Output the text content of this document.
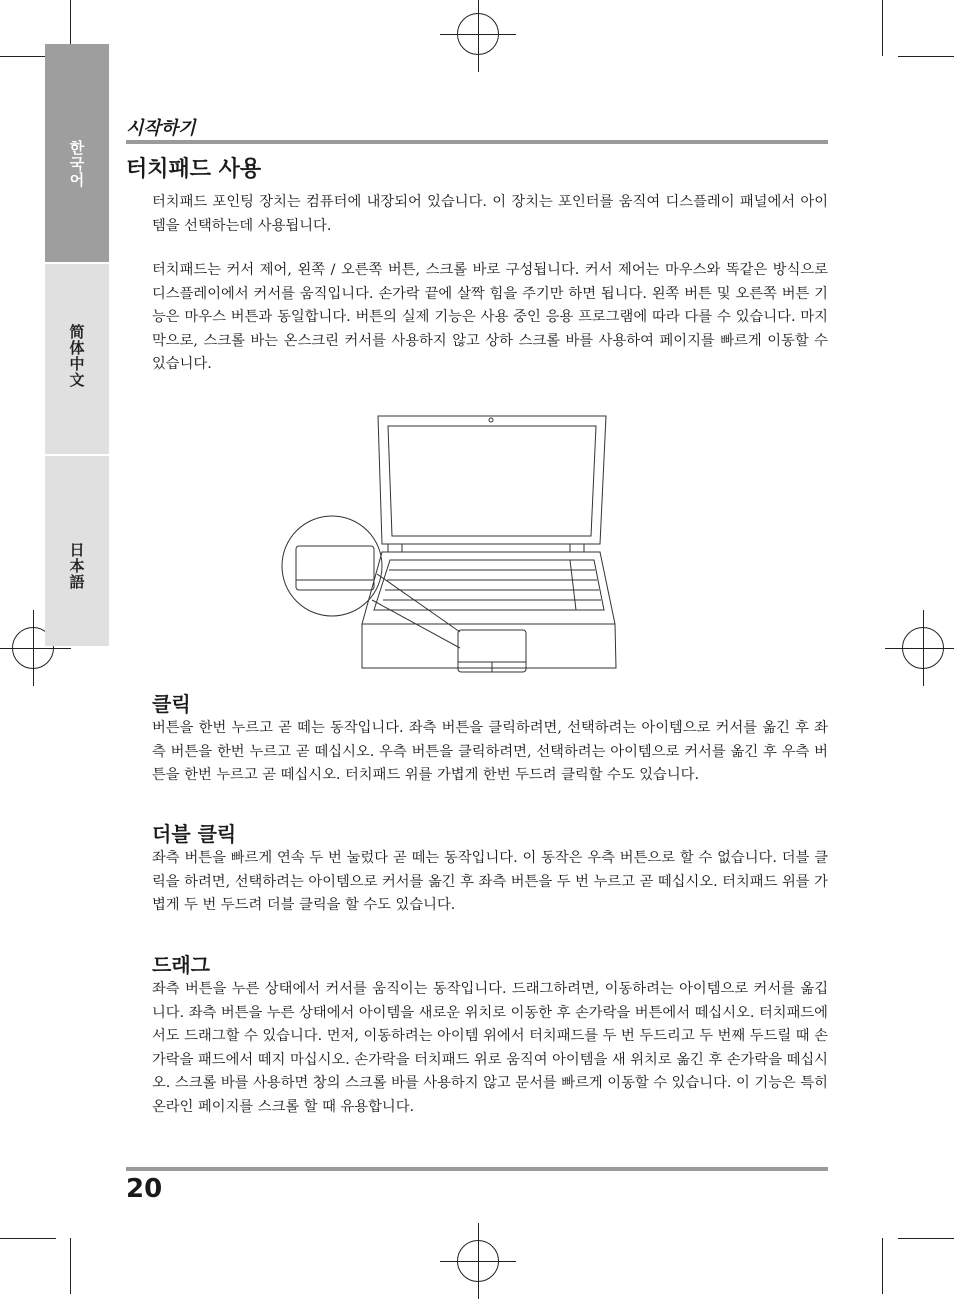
한국어
简体中文
日本語
시작하기
터치패드 사용

터치패드 포인팅 장치는 컴퓨터에 내장되어 있습니다. 이 장치는 포인터를 움직여 디스플레이 패널에서 아이템을 선택하는데 사용됩니다.

터치패드는 커서 제어, 왼쪽 / 오른쪽 버튼, 스크롤 바로 구성됩니다. 커서 제어는 마우스와 똑같은 방식으로 디스플레이에서 커서를 움직입니다. 손가락 끝에 살짝 힘을 주기만 하면 됩니다. 왼쪽 버튼 및 오른쪽 버튼 기능은 마우스 버튼과 동일합니다. 버튼의 실제 기능은 사용 중인 응용 프로그램에 따라 다를 수 있습니다. 마지막으로, 스크롤 바는 온스크린 커서를 사용하지 않고 상하 스크롤 바를 사용하여 페이지를 빠르게 이동할 수 있습니다.

클릭

버튼을 한번 누르고 곧 떼는 동작입니다. 좌측 버튼을 클릭하려면, 선택하려는 아이템으로 커서를 옮긴 후 좌측 버튼을 한번 누르고 곧 떼십시오. 우측 버튼을 클릭하려면, 선택하려는 아이템으로 커서를 옮긴 후 우측 버튼을 한번 누르고 곧 떼십시오. 터치패드 위를 가볍게 한번 두드려 클릭할 수도 있습니다.

더블 클릭

좌측 버튼을 빠르게 연속 두 번 눌렀다 곧 떼는 동작입니다. 이 동작은 우측 버튼으로 할 수 없습니다. 더블 클릭을 하려면, 선택하려는 아이템으로 커서를 옮긴 후 좌측 버튼을 두 번 누르고 곧 떼십시오. 터치패드 위를 가볍게 두 번 두드려 더블 클릭을 할 수도 있습니다.

드래그

좌측 버튼을 누른 상태에서 커서를 움직이는 동작입니다. 드래그하려면, 이동하려는 아이템으로 커서를 옮깁니다. 좌측 버튼을 누른 상태에서 아이템을 새로운 위치로 이동한 후 손가락을 버튼에서 떼십시오. 터치패드에서도 드래그할 수 있습니다. 먼저, 이동하려는 아이템 위에서 터치패드를 두 번 두드리고 두 번째 두드릴 때 손가락을 패드에서 떼지 마십시오. 손가락을 터치패드 위로 움직여 아이템을 새 위치로 옮긴 후 손가락을 떼십시오. 스크롤 바를 사용하면 창의 스크롤 바를 사용하지 않고 문서를 빠르게 이동할 수 있습니다. 이 기능은 특히 온라인 페이지를 스크롤 할 때 유용합니다.

20
